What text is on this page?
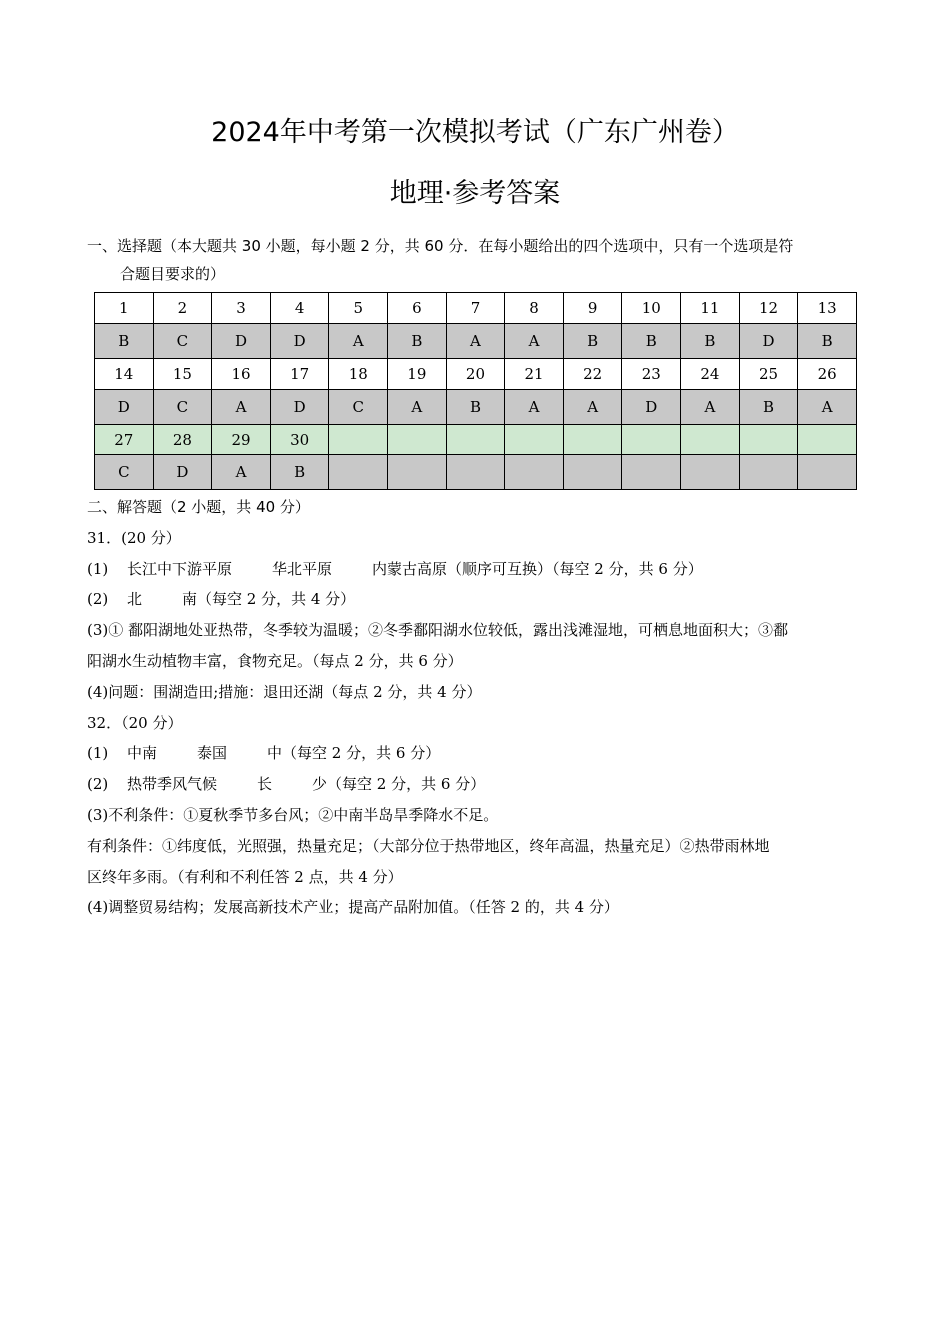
2024年中考第一次模拟考试（广东广州卷）
地理·参考答案
一、选择题（本大题共 30 小题，每小题 2 分，共 60 分．在每小题给出的四个选项中，只有一个选项是符
合题目要求的）
1	2	3	4	5	6	7	8	9	10	11	12	13
B	C	D	D	A	B	A	A	B	B	B	D	B
14	15	16	17	18	19	20	21	22	23	24	25	26
D	C	A	D	C	A	B	A	A	D	A	B	A
27	28	29	30									
C	D	A	B									

二、解答题（2 小题，共 40 分）

31．(20 分）

(1) 长江中下游平原	华北平原	内蒙古高原（顺序可互换）（每空 2 分，共 6 分）

(2) 北	南（每空 2 分，共 4 分）

(3)① 鄱阳湖地处亚热带，冬季较为温暖；②冬季鄱阳湖水位较低，露出浅滩湿地，可栖息地面积大；③鄱

阳湖水生动植物丰富，食物充足。（每点 2 分，共 6 分）

(4)问题：围湖造田;措施：退田还湖（每点 2 分，共 4 分）

32．（20 分）

(1) 中南	泰国	中（每空 2 分，共 6 分）

(2) 热带季风气候	长	少（每空 2 分，共 6 分）

(3)不利条件：①夏秋季节多台风；②中南半岛旱季降水不足。

有利条件：①纬度低，光照强，热量充足；（大部分位于热带地区，终年高温，热量充足）②热带雨林地

区终年多雨。（有利和不利任答 2 点，共 4 分）

(4)调整贸易结构；发展高新技术产业；提高产品附加值。（任答 2 的，共 4 分）
